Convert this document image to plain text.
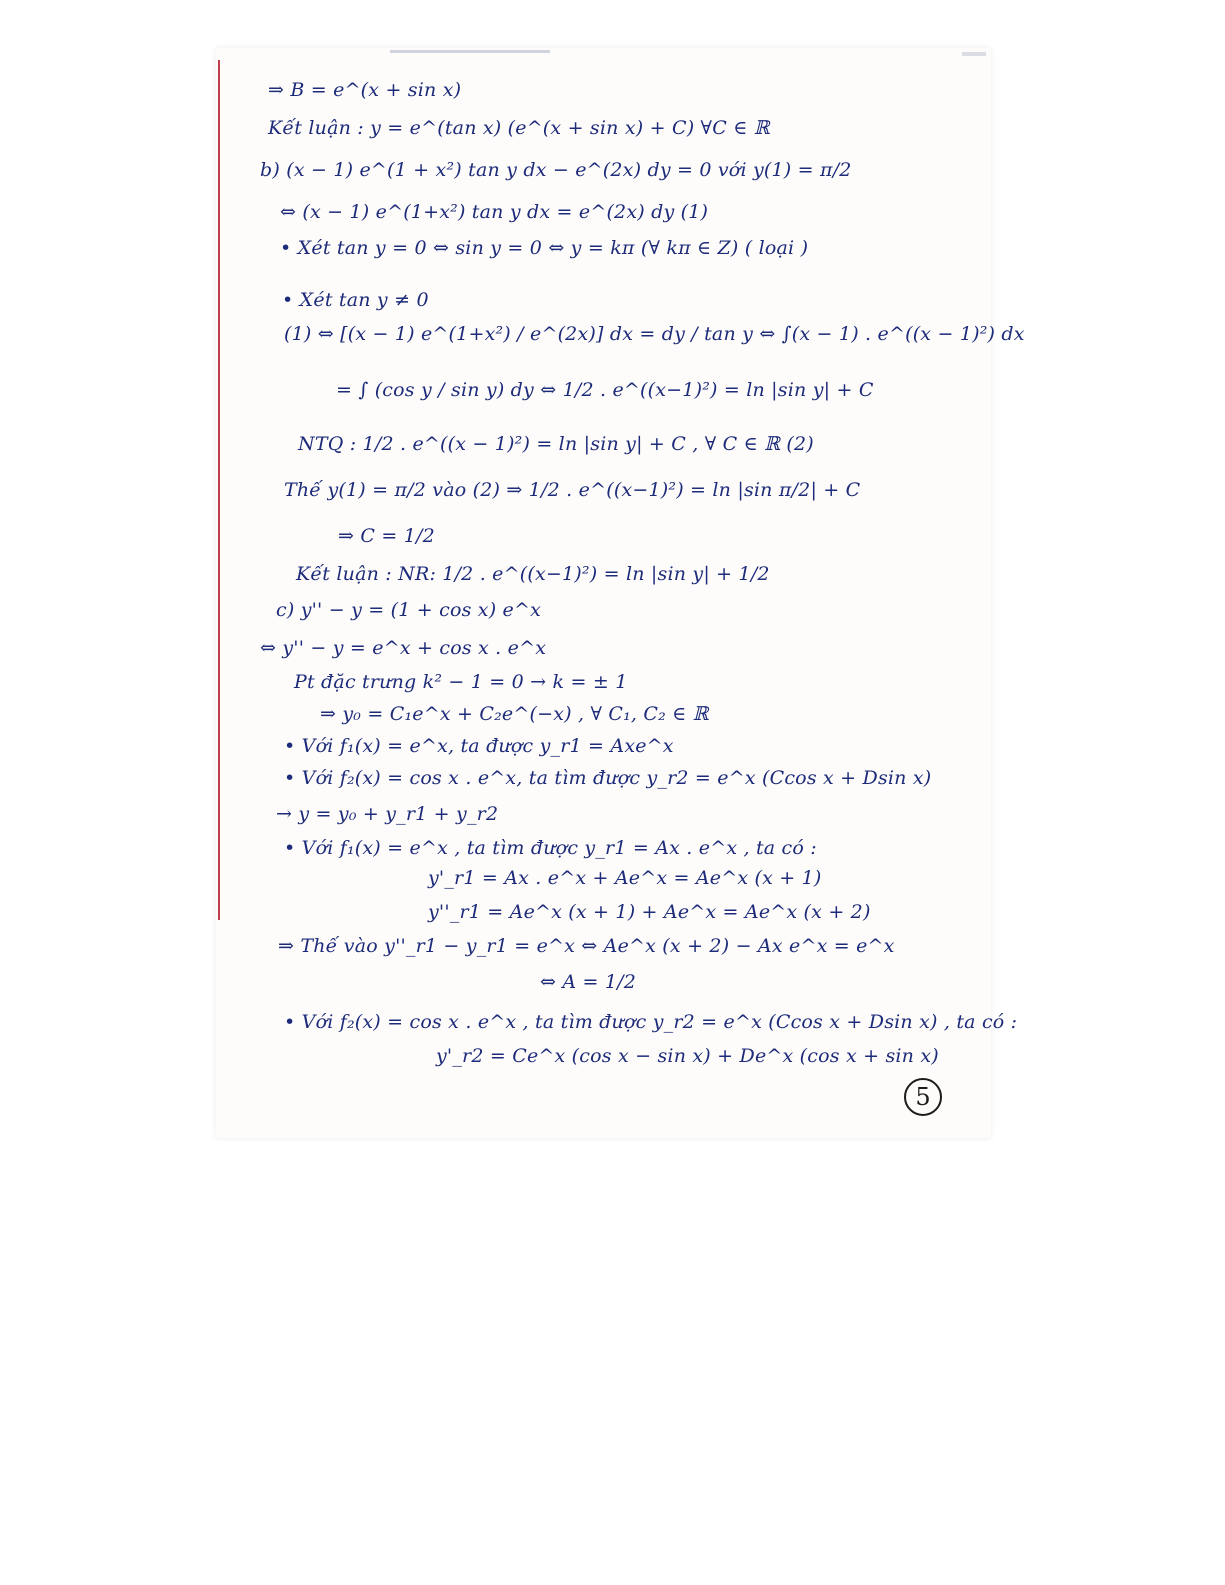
⇒ B = e^(x + sin x)
Kết luận : y = e^(tan x) (e^(x + sin x) + C) ∀C ∈ ℝ
b) (x − 1) e^(1 + x²) tan y dx − e^(2x) dy = 0 với y(1) = π/2
⇔ (x − 1) e^(1+x²) tan y dx = e^(2x) dy (1)
• Xét tan y = 0 ⇔ sin y = 0 ⇔ y = kπ (∀ kπ ∈ Z) ( loại )
• Xét tan y ≠ 0
(1) ⇔ [(x − 1) e^(1+x²) / e^(2x)] dx = dy / tan y ⇔ ∫(x − 1) . e^((x − 1)²) dx
= ∫ (cos y / sin y) dy ⇔ 1/2 . e^((x−1)²) = ln |sin y| + C
NTQ : 1/2 . e^((x − 1)²) = ln |sin y| + C , ∀ C ∈ ℝ (2)
Thế y(1) = π/2 vào (2) ⇒ 1/2 . e^((x−1)²) = ln |sin π/2| + C
⇒ C = 1/2
Kết luận : NR: 1/2 . e^((x−1)²) = ln |sin y| + 1/2
c) y'' − y = (1 + cos x) e^x
⇔ y'' − y = e^x + cos x . e^x
Pt đặc trưng k² − 1 = 0 → k = ± 1
⇒ y₀ = C₁e^x + C₂e^(−x) , ∀ C₁, C₂ ∈ ℝ
• Với f₁(x) = e^x, ta được y_r1 = Axe^x
• Với f₂(x) = cos x . e^x, ta tìm được y_r2 = e^x (Ccos x + Dsin x)
→ y = y₀ + y_r1 + y_r2
• Với f₁(x) = e^x , ta tìm được y_r1 = Ax . e^x , ta có :
y'_r1 = Ax . e^x + Ae^x = Ae^x (x + 1)
y''_r1 = Ae^x (x + 1) + Ae^x = Ae^x (x + 2)
⇒ Thế vào y''_r1 − y_r1 = e^x ⇔ Ae^x (x + 2) − Ax e^x = e^x
⇔ A = 1/2
• Với f₂(x) = cos x . e^x , ta tìm được y_r2 = e^x (Ccos x + Dsin x) , ta có :
y'_r2 = Ce^x (cos x − sin x) + De^x (cos x + sin x)
5
